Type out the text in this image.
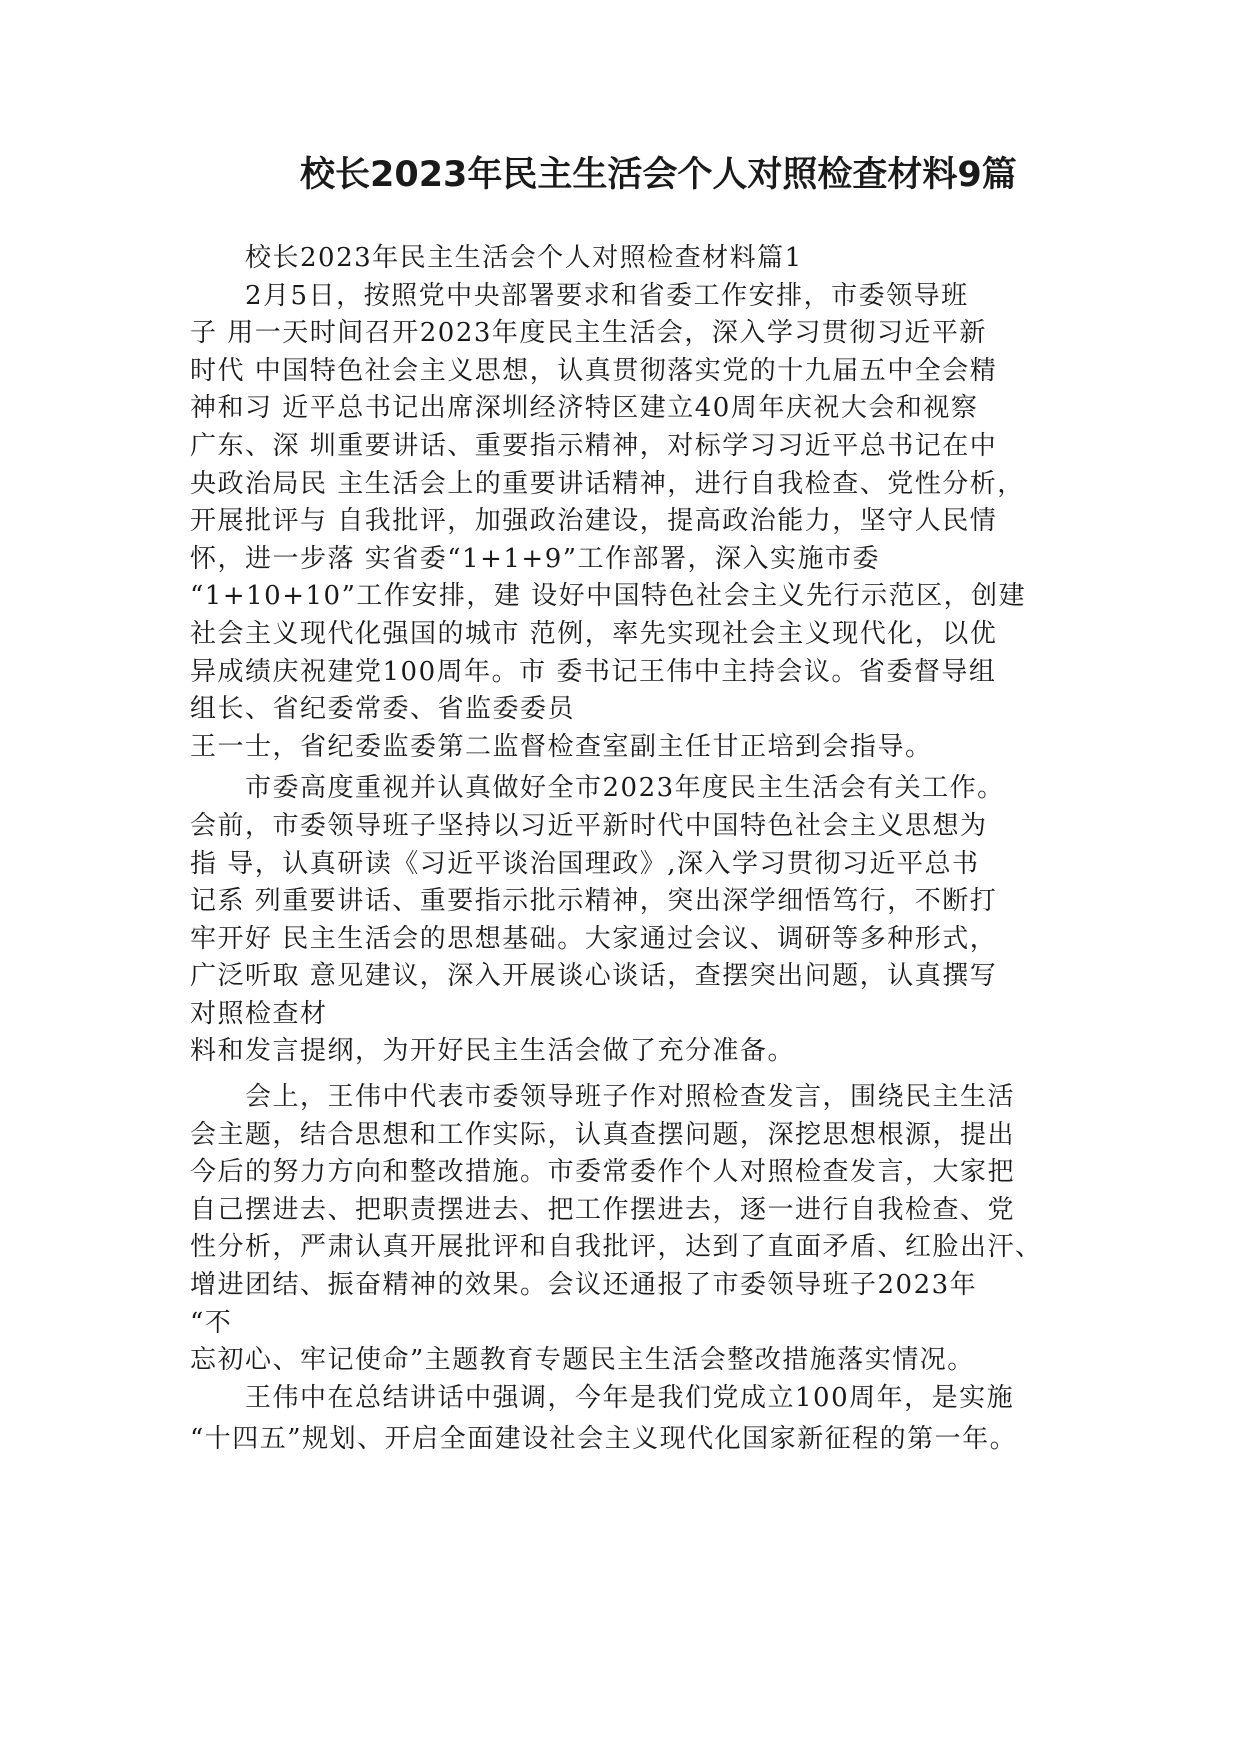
校长2023年民主生活会个人对照检查材料9篇
　　校长2023年民主生活会个人对照检查材料篇1
　　2月5日，按照党中央部署要求和省委工作安排，市委领导班
子 用一天时间召开2023年度民主生活会，深入学习贯彻习近平新
时代 中国特色社会主义思想，认真贯彻落实党的十九届五中全会精
神和习 近平总书记出席深圳经济特区建立40周年庆祝大会和视察
广东、深 圳重要讲话、重要指示精神，对标学习习近平总书记在中
央政治局民 主生活会上的重要讲话精神，进行自我检查、党性分析，
开展批评与 自我批评，加强政治建设，提高政治能力，坚守人民情
怀，进一步落 实省委“1+1+9”工作部署，深入实施市委
“1+10+10”工作安排，建 设好中国特色社会主义先行示范区，创建
社会主义现代化强国的城市 范例，率先实现社会主义现代化，以优
异成绩庆祝建党100周年。市 委书记王伟中主持会议。省委督导组
组长、省纪委常委、省监委委员
王一士，省纪委监委第二监督检查室副主任甘正培到会指导。
　　市委高度重视并认真做好全市2023年度民主生活会有关工作。
会前，市委领导班子坚持以习近平新时代中国特色社会主义思想为
指 导，认真研读《习近平谈治国理政》,深入学习贯彻习近平总书
记系 列重要讲话、重要指示批示精神，突出深学细悟笃行，不断打
牢开好 民主生活会的思想基础。大家通过会议、调研等多种形式，
广泛听取 意见建议，深入开展谈心谈话，查摆突出问题，认真撰写
对照检查材
料和发言提纲，为开好民主生活会做了充分准备。
　　会上，王伟中代表市委领导班子作对照检查发言，围绕民主生活
会主题，结合思想和工作实际，认真查摆问题，深挖思想根源，提出
今后的努力方向和整改措施。市委常委作个人对照检查发言，大家把
自己摆进去、把职责摆进去、把工作摆进去，逐一进行自我检查、党
性分析，严肃认真开展批评和自我批评，达到了直面矛盾、红脸出汗、
增进团结、振奋精神的效果。会议还通报了市委领导班子2023年
“不
忘初心、牢记使命”主题教育专题民主生活会整改措施落实情况。
　　王伟中在总结讲话中强调，今年是我们党成立100周年，是实施
“十四五”规划、开启全面建设社会主义现代化国家新征程的第一年。
